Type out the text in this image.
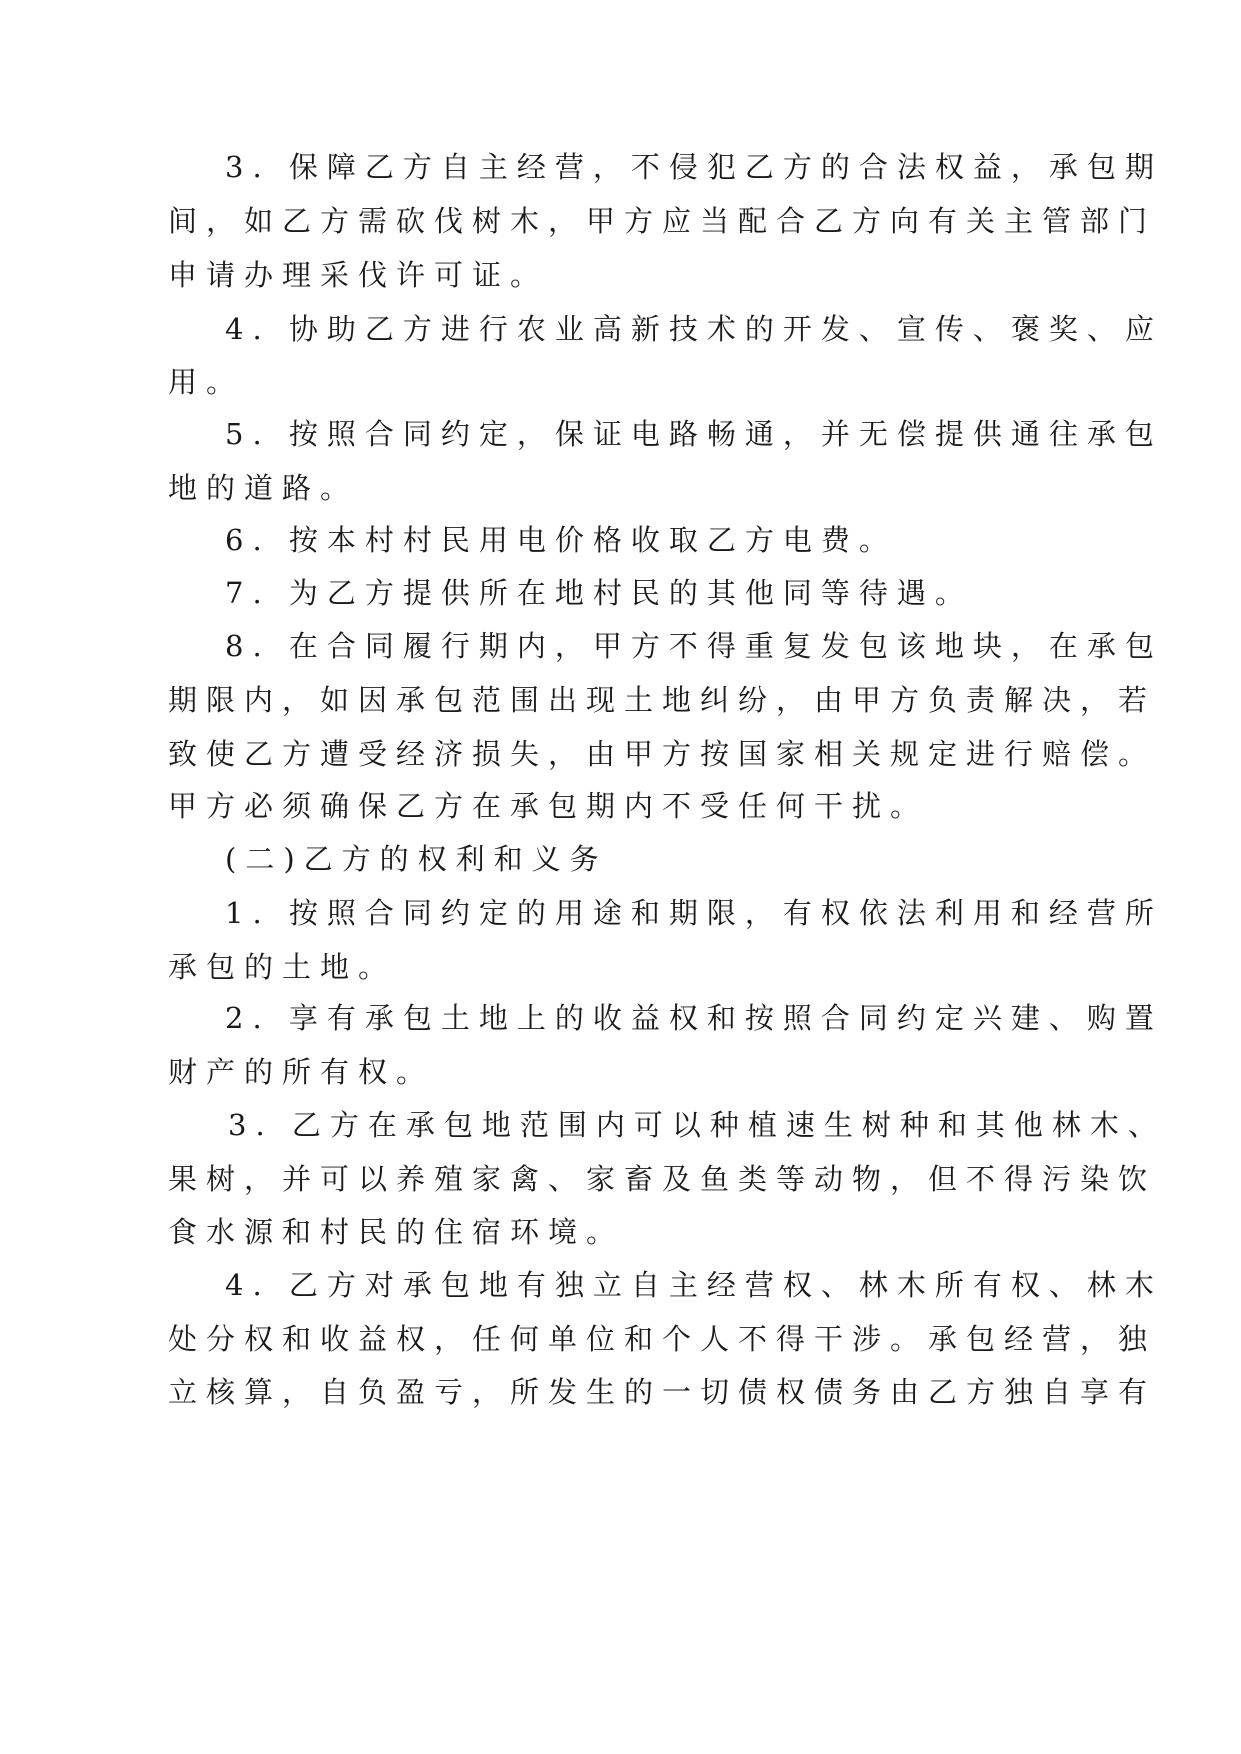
3. 保障乙方自主经营，不侵犯乙方的合法权益，承包期
间，如乙方需砍伐树木，甲方应当配合乙方向有关主管部门
申请办理采伐许可证。
4. 协助乙方进行农业高新技术的开发、宣传、褒奖、应
用。
5. 按照合同约定，保证电路畅通，并无偿提供通往承包
地的道路。
6. 按本村村民用电价格收取乙方电费。
7. 为乙方提供所在地村民的其他同等待遇。
8. 在合同履行期内，甲方不得重复发包该地块，在承包
期限内，如因承包范围出现土地纠纷，由甲方负责解决，若
致使乙方遭受经济损失，由甲方按国家相关规定进行赔偿。
甲方必须确保乙方在承包期内不受任何干扰。
(二)乙方的权利和义务
1. 按照合同约定的用途和期限，有权依法利用和经营所
承包的土地。
2. 享有承包土地上的收益权和按照合同约定兴建、购置
财产的所有权。
3. 乙方在承包地范围内可以种植速生树种和其他林木、
果树，并可以养殖家禽、家畜及鱼类等动物，但不得污染饮
食水源和村民的住宿环境。
4. 乙方对承包地有独立自主经营权、林木所有权、林木
处分权和收益权，任何单位和个人不得干涉。承包经营，独
立核算，自负盈亏，所发生的一切债权债务由乙方独自享有
